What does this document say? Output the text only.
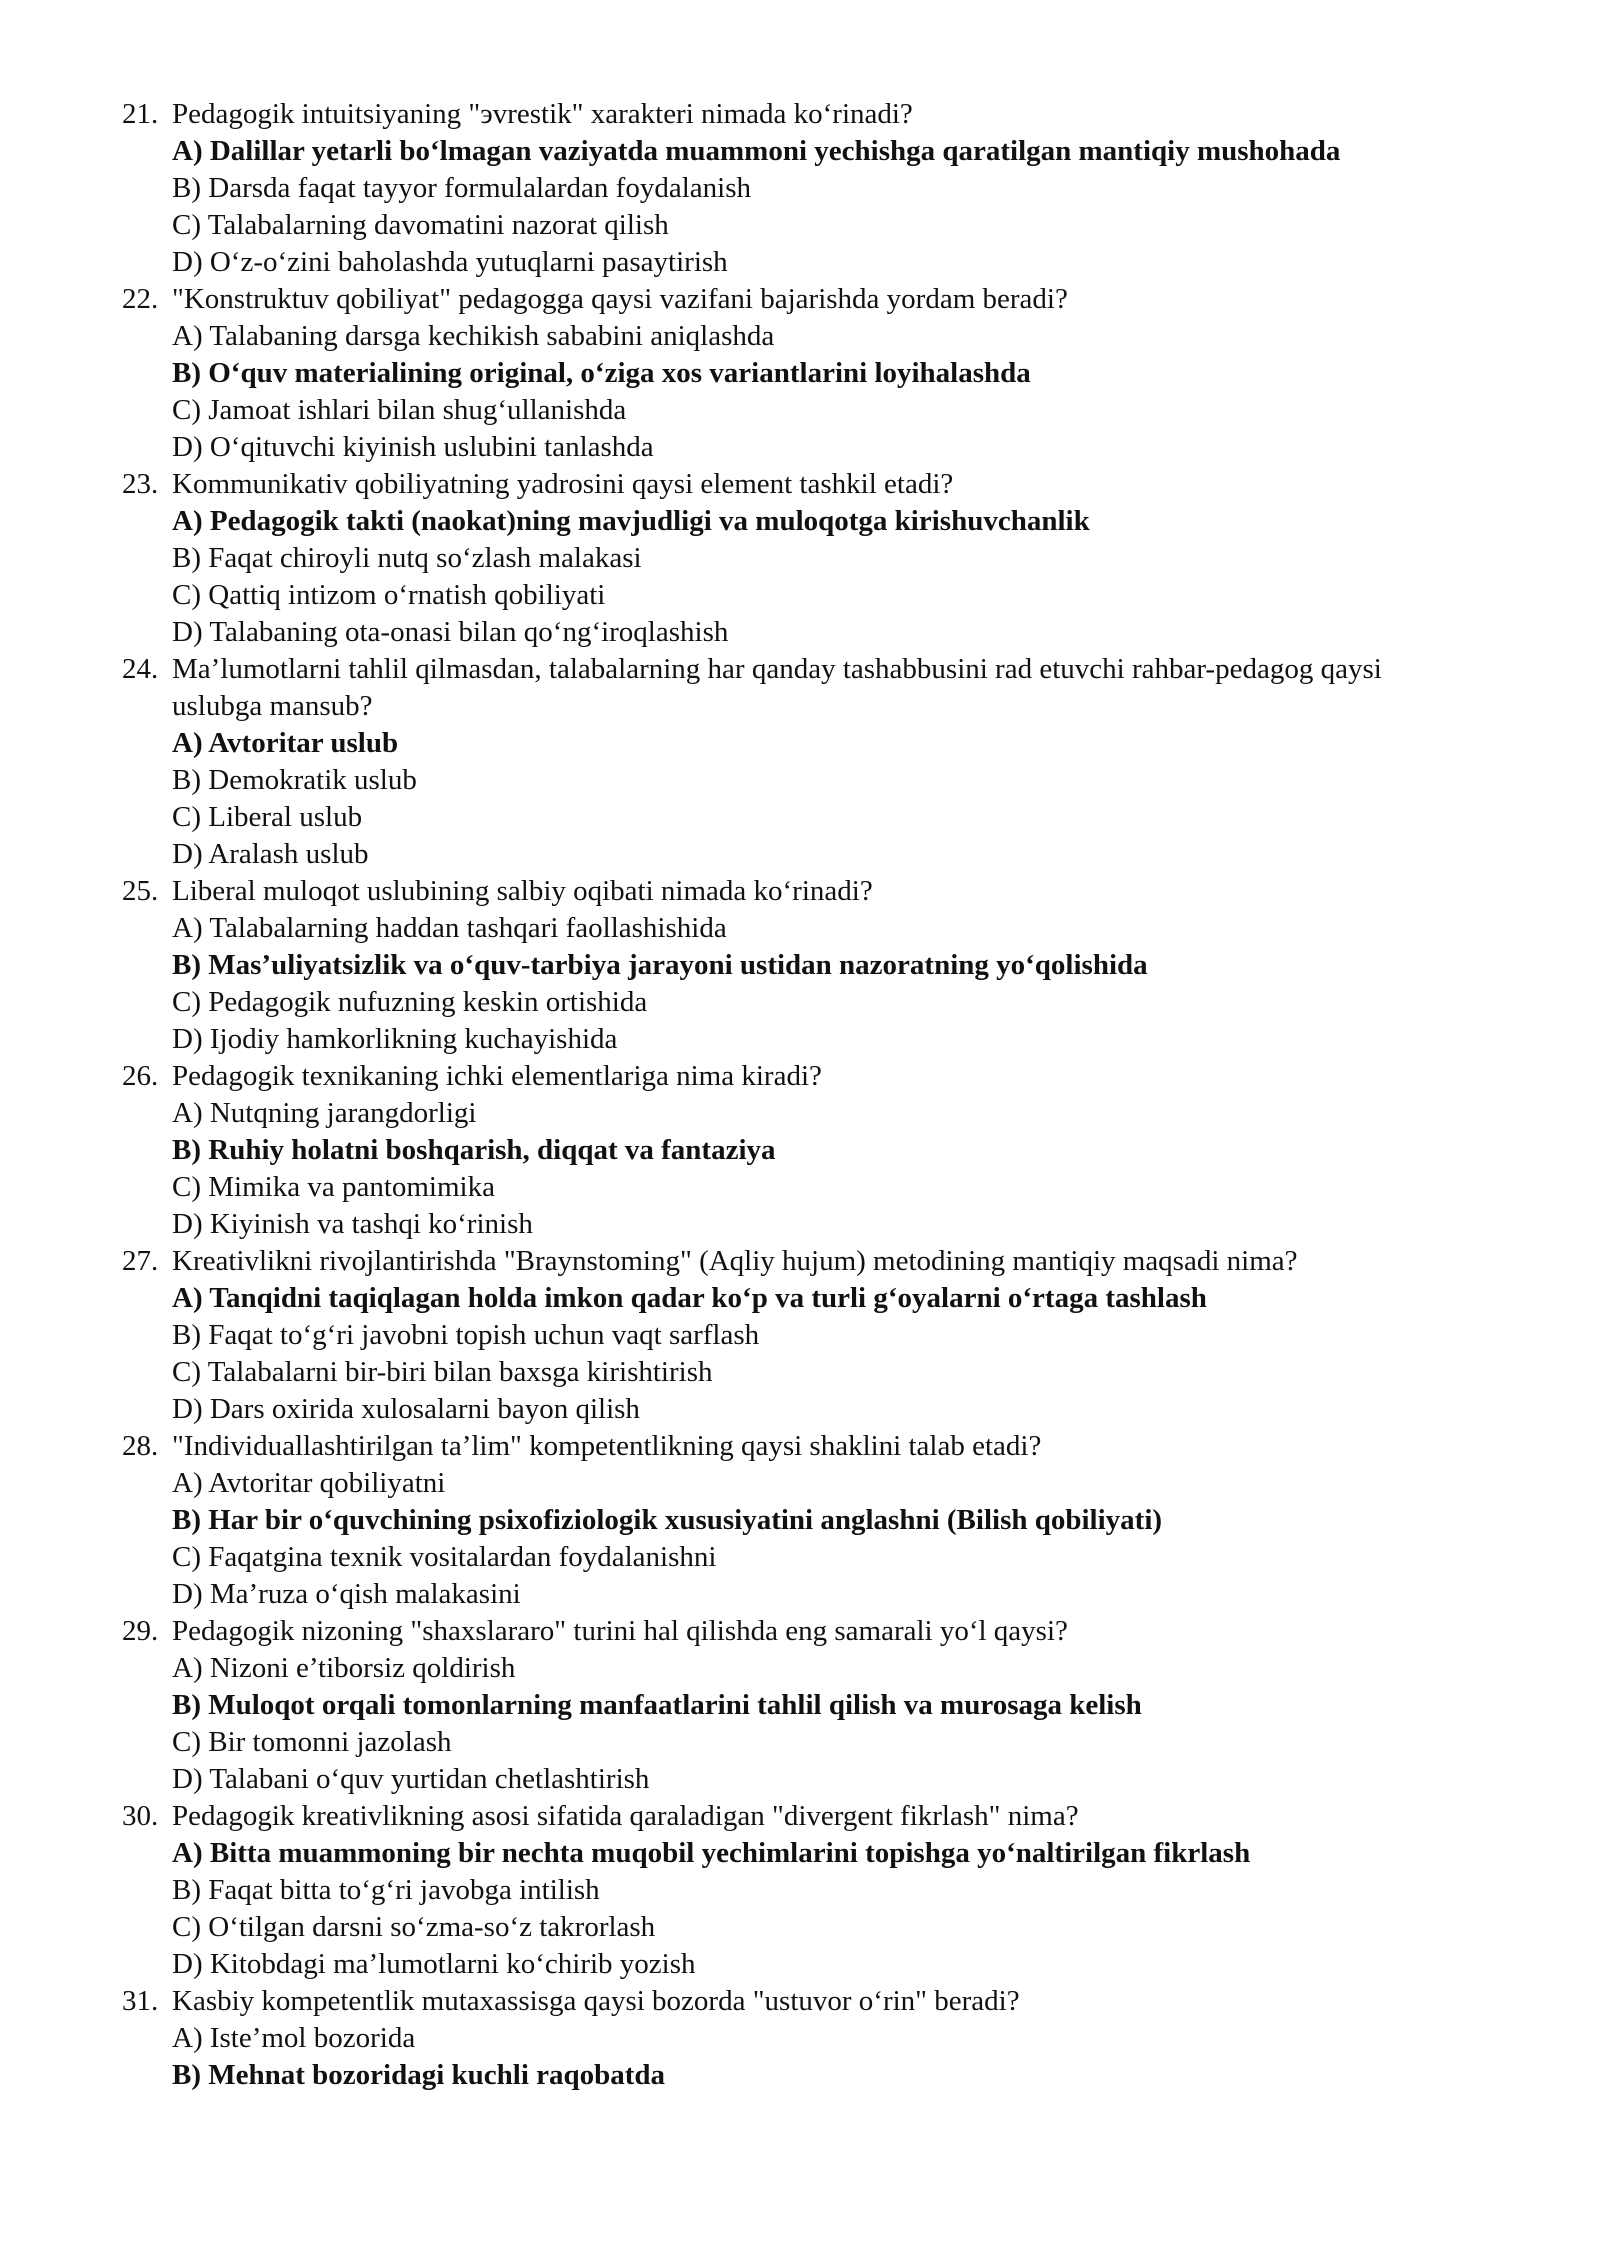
21. Pedagogik intuitsiyaning "эvrestik" xarakteri nimada ko‘rinadi?
A) Dalillar yetarli bo‘lmagan vaziyatda muammoni yechishga qaratilgan mantiqiy mushohada
B) Darsda faqat tayyor formulalardan foydalanish
C) Talabalarning davomatini nazorat qilish
D) O‘z-o‘zini baholashda yutuqlarni pasaytirish
22. "Konstruktuv qobiliyat" pedagogga qaysi vazifani bajarishda yordam beradi?
A) Talabaning darsga kechikish sababini aniqlashda
B) O‘quv materialining original, o‘ziga xos variantlarini loyihalashda
C) Jamoat ishlari bilan shug‘ullanishda
D) O‘qituvchi kiyinish uslubini tanlashda
23. Kommunikativ qobiliyatning yadrosini qaysi element tashkil etadi?
A) Pedagogik takti (naokat)ning mavjudligi va muloqotga kirishuvchanlik
B) Faqat chiroyli nutq so‘zlash malakasi
C) Qattiq intizom o‘rnatish qobiliyati
D) Talabaning ota-onasi bilan qo‘ng‘iroqlashish
24. Ma’lumotlarni tahlil qilmasdan, talabalarning har qanday tashabbusini rad etuvchi rahbar-pedagog qaysi uslubga mansub?
A) Avtoritar uslub
B) Demokratik uslub
C) Liberal uslub
D) Aralash uslub
25. Liberal muloqot uslubining salbiy oqibati nimada ko‘rinadi?
A) Talabalarning haddan tashqari faollashishida
B) Mas’uliyatsizlik va o‘quv-tarbiya jarayoni ustidan nazoratning yo‘qolishida
C) Pedagogik nufuzning keskin ortishida
D) Ijodiy hamkorlikning kuchayishida
26. Pedagogik texnikaning ichki elementlariga nima kiradi?
A) Nutqning jarangdorligi
B) Ruhiy holatni boshqarish, diqqat va fantaziya
C) Mimika va pantomimika
D) Kiyinish va tashqi ko‘rinish
27. Kreativlikni rivojlantirishda "Braynstoming" (Aqliy hujum) metodining mantiqiy maqsadi nima?
A) Tanqidni taqiqlagan holda imkon qadar ko‘p va turli g‘oyalarni o‘rtaga tashlash
B) Faqat to‘g‘ri javobni topish uchun vaqt sarflash
C) Talabalarni bir-biri bilan baxsga kirishtirish
D) Dars oxirida xulosalarni bayon qilish
28. "Individuallashtirilgan ta’lim" kompetentlikning qaysi shaklini talab etadi?
A) Avtoritar qobiliyatni
B) Har bir o‘quvchining psixofiziologik xususiyatini anglashni (Bilish qobiliyati)
C) Faqatgina texnik vositalardan foydalanishni
D) Ma’ruza o‘qish malakasini
29. Pedagogik nizoning "shaxslararo" turini hal qilishda eng samarali yo‘l qaysi?
A) Nizoni e’tiborsiz qoldirish
B) Muloqot orqali tomonlarning manfaatlarini tahlil qilish va murosaga kelish
C) Bir tomonni jazolash
D) Talabani o‘quv yurtidan chetlashtirish
30. Pedagogik kreativlikning asosi sifatida qaraladigan "divergent fikrlash" nima?
A) Bitta muammoning bir nechta muqobil yechimlarini topishga yo‘naltirilgan fikrlash
B) Faqat bitta to‘g‘ri javobga intilish
C) O‘tilgan darsni so‘zma-so‘z takrorlash
D) Kitobdagi ma’lumotlarni ko‘chirib yozish
31. Kasbiy kompetentlik mutaxassisga qaysi bozorda "ustuvor o‘rin" beradi?
A) Iste’mol bozorida
B) Mehnat bozoridagi kuchli raqobatda
